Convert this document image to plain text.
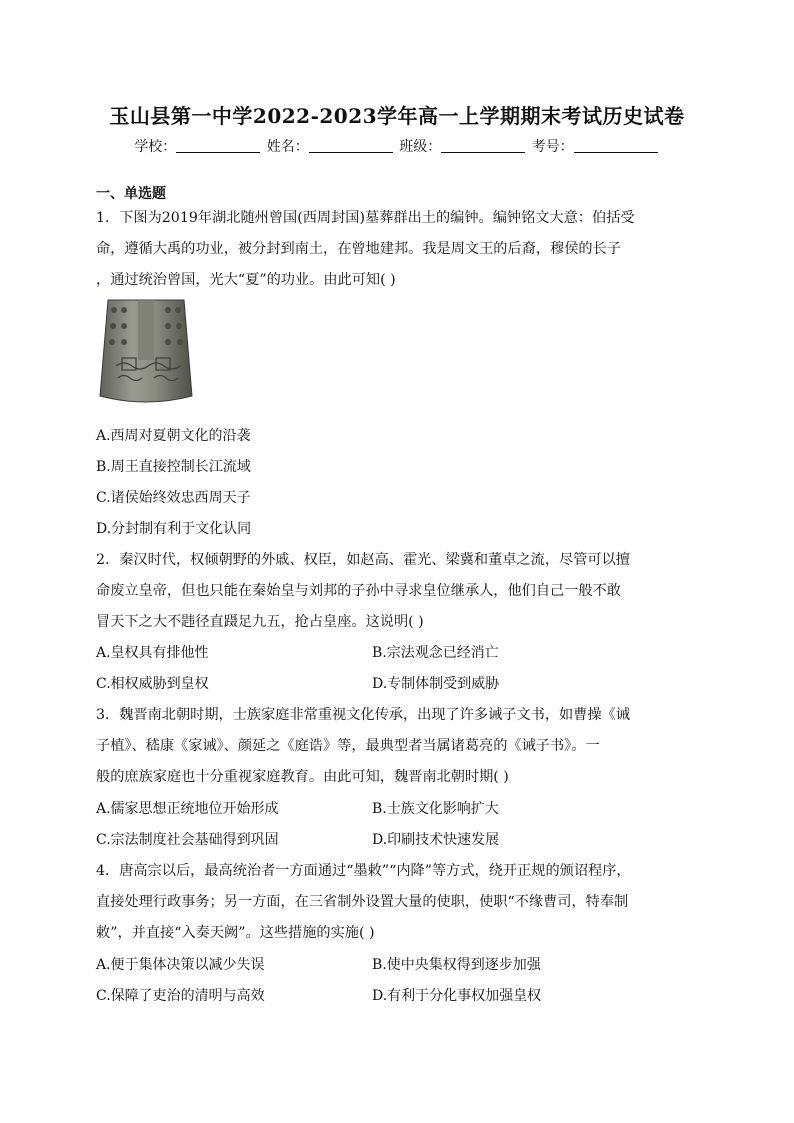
玉山县第一中学2022-2023学年高一上学期期末考试历史试卷
学校：	姓名：	班级：	考号：
一、单选题
1．下图为2019年湖北随州曾国(西周封国)墓葬群出土的编钟。编钟铭文大意：伯括受
命，遵循大禹的功业，被分封到南土，在曾地建邦。我是周文王的后裔，穆侯的长子
，通过统治曾国，光大“夏”的功业。由此可知( )
A.西周对夏朝文化的沿袭
B.周王直接控制长江流域
C.诸侯始终效忠西周天子
D.分封制有利于文化认同
2．秦汉时代，权倾朝野的外戚、权臣，如赵高、霍光、梁冀和董卓之流，尽管可以擅
命废立皇帝，但也只能在秦始皇与刘邦的子孙中寻求皇位继承人，他们自己一般不敢
冒天下之大不韪径直蹑足九五，抢占皇座。这说明( )
A.皇权具有排他性	B.宗法观念已经消亡
C.相权威胁到皇权	D.专制体制受到威胁
3．魏晋南北朝时期，士族家庭非常重视文化传承，出现了许多诫子文书，如曹操《诫
子植》、嵇康《家诫》、颜延之《庭诰》等，最典型者当属诸葛亮的《诫子书》。一
般的庶族家庭也十分重视家庭教育。由此可知，魏晋南北朝时期( )
A.儒家思想正统地位开始形成	B.士族文化影响扩大
C.宗法制度社会基础得到巩固	D.印刷技术快速发展
4．唐高宗以后，最高统治者一方面通过“墨敕”“内降”等方式，绕开正规的颁诏程序，
直接处理行政事务；另一方面，在三省制外设置大量的使职，使职“不缘曹司，特奉制
敕”，并直接“入奏天阙”。这些措施的实施( )
A.便于集体决策以减少失误	B.使中央集权得到逐步加强
C.保障了吏治的清明与高效	D.有利于分化事权加强皇权
